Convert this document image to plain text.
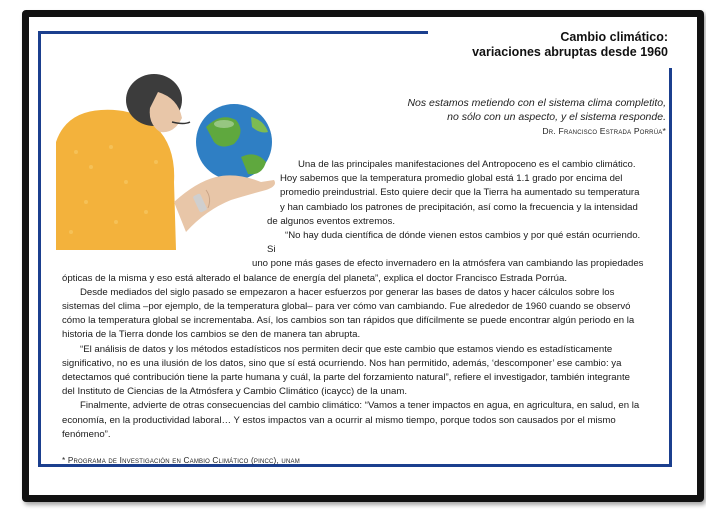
Cambio climático:
variaciones abruptas desde 1960
Nos estamos metiendo con el sistema clima completito,
no sólo con un aspecto, y el sistema responde.
Dr. Francisco Estrada Porrúa*

Una de las principales manifestaciones del Antropoceno es el cambio climático.

Hoy sabemos que la temperatura promedio global está 1.1 grado por encima del

promedio preindustrial. Esto quiere decir que la Tierra ha aumentado su temperatura

y han cambiado los patrones de precipitación, así como la frecuencia y la intensidad

de algunos eventos extremos.

“No hay duda científica de dónde vienen estos cambios y por qué están ocurriendo. Si

uno pone más gases de efecto invernadero en la atmósfera van cambiando las propiedades

ópticas de la misma y eso está alterado el balance de energía del planeta”, explica el doctor Francisco Estrada Porrúa.

Desde mediados del siglo pasado se empezaron a hacer esfuerzos por generar las bases de datos y hacer cálculos sobre los sistemas del clima –por ejemplo, de la temperatura global– para ver cómo van cambiando. Fue alrededor de 1960 cuando se observó cómo la temperatura global se incrementaba. Así, los cambios son tan rápidos que difícilmente se puede encontrar algún periodo en la historia de la Tierra donde los cambios se den de manera tan abrupta.

“El análisis de datos y los métodos estadísticos nos permiten decir que este cambio que estamos viendo es estadísticamente significativo, no es una ilusión de los datos, sino que sí está ocurriendo. Nos han permitido, además, ‘descomponer’ ese cambio: ya detectamos qué contribución tiene la parte humana y cuál, la parte del forzamiento natural”, refiere el investigador, también integrante del Instituto de Ciencias de la Atmósfera y Cambio Climático (icaycc) de la unam.

Finalmente, advierte de otras consecuencias del cambio climático: “Vamos a tener impactos en agua, en agricultura, en salud, en la economía, en la productividad laboral… Y estos impactos van a ocurrir al mismo tiempo, porque todos son causados por el mismo fenómeno”.

* Programa de Investigación en Cambio Climático (pincc), unam
